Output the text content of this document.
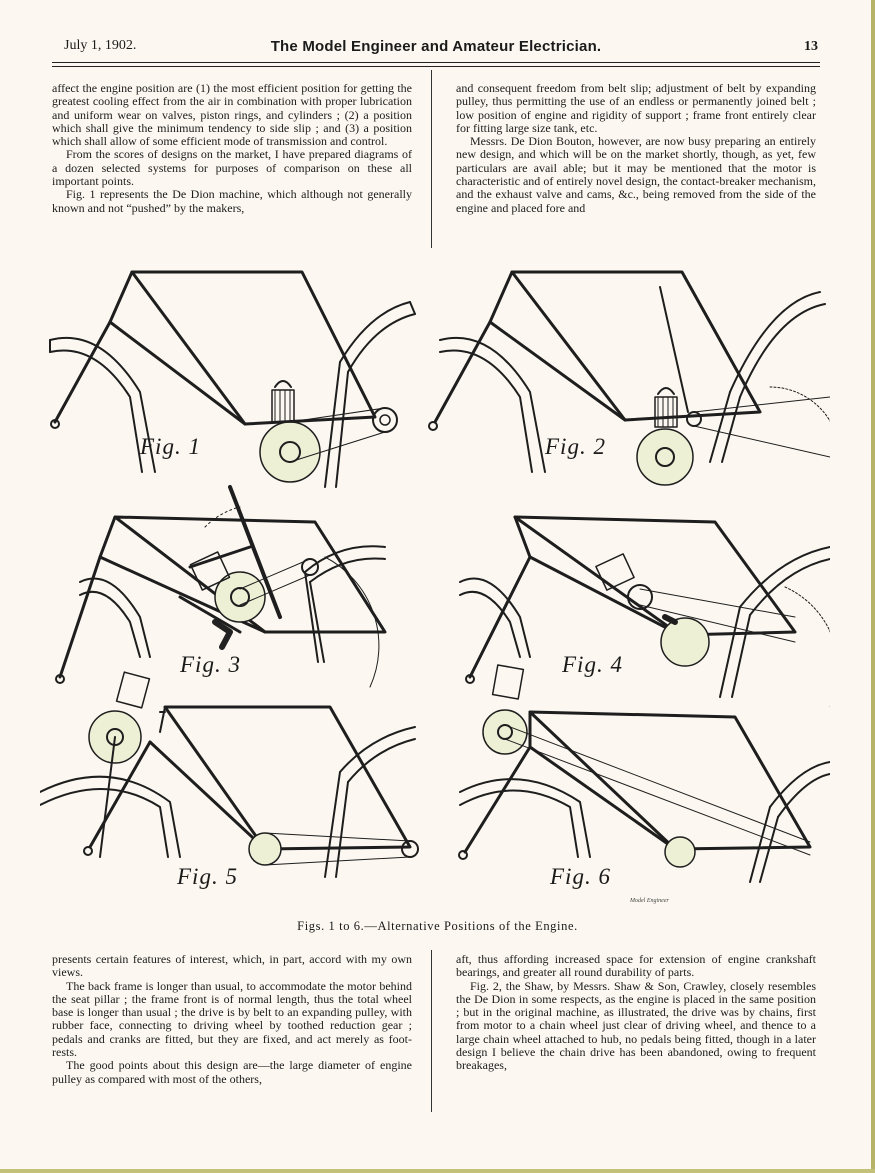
July 1, 1902.	The Model Engineer and Amateur Electrician.	13

affect the engine position are (1) the most efficient position for getting the greatest cooling effect from the air in combination with proper lubrication and uniform wear on valves, piston rings, and cylinders ; (2) a position which shall give the minimum tendency to side slip ; and (3) a position which shall allow of some efficient mode of transmission and control.

From the scores of designs on the market, I have prepared diagrams of a dozen selected systems for purposes of comparison on these all important points.

Fig. 1 represents the De Dion machine, which although not generally known and not “pushed” by the makers,

and consequent freedom from belt slip; adjustment of belt by expanding pulley, thus permitting the use of an endless or permanently joined belt ; low position of engine and rigidity of support ; frame front entirely clear for fitting large size tank, etc.

Messrs. De Dion Bouton, however, are now busy preparing an entirely new design, and which will be on the market shortly, though, as yet, few particulars are avail able; but it may be mentioned that the motor is characteristic and of entirely novel design, the contact-breaker mechanism, and the exhaust valve and cams, &c., being removed from the side of the engine and placed fore and

Fig. 1	Fig. 2
Fig. 3	Fig. 4
Fig. 5	Fig. 6
Model Engineer
Figs. 1 to 6.—Alternative Positions of the Engine.

presents certain features of interest, which, in part, accord with my own views.

The back frame is longer than usual, to accommodate the motor behind the seat pillar ; the frame front is of normal length, thus the total wheel base is longer than usual ; the drive is by belt to an expanding pulley, with rubber face, connecting to driving wheel by toothed reduction gear ; pedals and cranks are fitted, but they are fixed, and act merely as foot-rests.

The good points about this design are—the large diameter of engine pulley as compared with most of the others,

aft, thus affording increased space for extension of engine crankshaft bearings, and greater all round durability of parts.

Fig. 2, the Shaw, by Messrs. Shaw & Son, Crawley, closely resembles the De Dion in some respects, as the engine is placed in the same position ; but in the original machine, as illustrated, the drive was by chains, first from motor to a chain wheel just clear of driving wheel, and thence to a large chain wheel attached to hub, no pedals being fitted, though in a later design I believe the chain drive has been abandoned, owing to frequent breakages,
